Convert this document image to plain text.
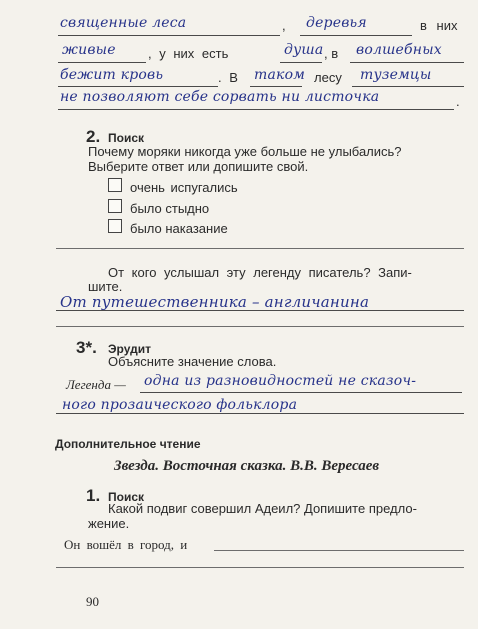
священные леса	, деревья	в них
живые , у них есть	душа , в волшебных
бежит кровь	. В таком лесу туземцы
не позволяют себе сорвать ни листочка	.
2. Поиск
Почему моряки никогда уже больше не улыбались?
Выберите ответ или допишите свой.
очень испугались
было стыдно
было наказание
От кого услышал эту легенду писатель? Запи-
шите.
От путешественника – англичанина
3*. Эрудит
Объясните значение слова.
Легенда — одна из разновидностей не сказоч-
ного прозаического фольклора
Дополнительное чтение
Звезда. Восточная сказка. В.В. Вересаев
1. Поиск
Какой подвиг совершил Адеил? Допишите предло-
жение.
Он вошёл в город, и
90
